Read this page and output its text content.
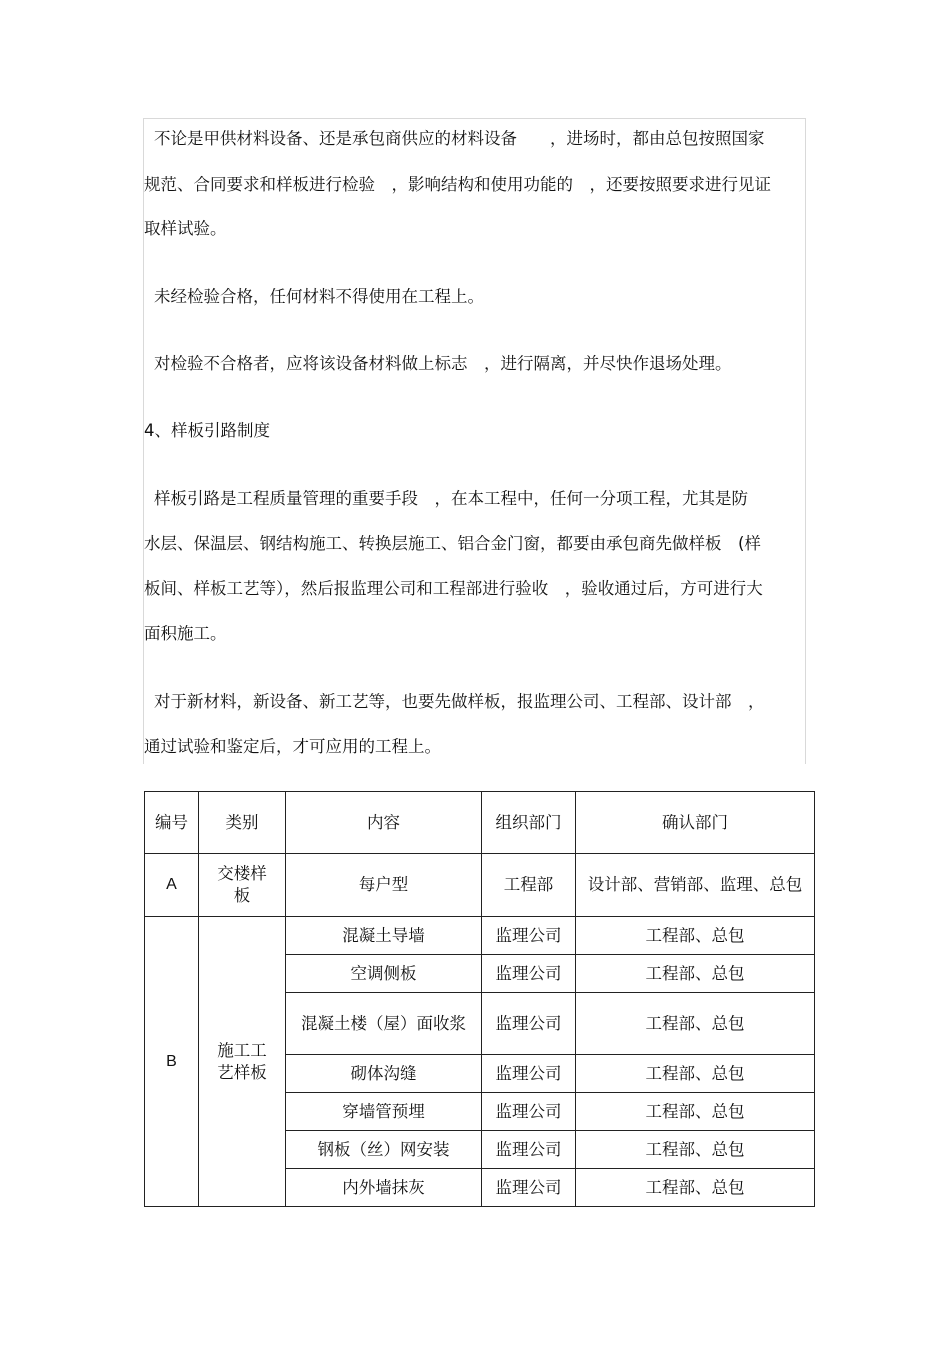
不论是甲供材料设备、还是承包商供应的材料设备　　，进场时，都由总包按照国家
规范、合同要求和样板进行检验　，影响结构和使用功能的　，还要按照要求进行见证
取样试验。
未经检验合格，任何材料不得使用在工程上。
对检验不合格者，应将该设备材料做上标志　，进行隔离，并尽快作退场处理。
4、样板引路制度
样板引路是工程质量管理的重要手段　，在本工程中，任何一分项工程，尤其是防
水层、保温层、钢结构施工、转换层施工、铝合金门窗，都要由承包商先做样板　(样
板间、样板工艺等），然后报监理公司和工程部进行验收　，验收通过后，方可进行大
面积施工。
对于新材料，新设备、新工艺等，也要先做样板，报监理公司、工程部、设计部　，
通过试验和鉴定后，才可应用的工程上。
编号	类别	内容	组织部门	确认部门
A	交楼样板	每户型	工程部	设计部、营销部、监理、总包
B	施工工艺样板	混凝土导墙	监理公司	工程部、总包
		空调侧板	监理公司	工程部、总包
		混凝土楼（屋）面收浆	监理公司	工程部、总包
		砌体沟缝	监理公司	工程部、总包
		穿墙管预埋	监理公司	工程部、总包
		钢板（丝）网安装	监理公司	工程部、总包
		内外墙抹灰	监理公司	工程部、总包
